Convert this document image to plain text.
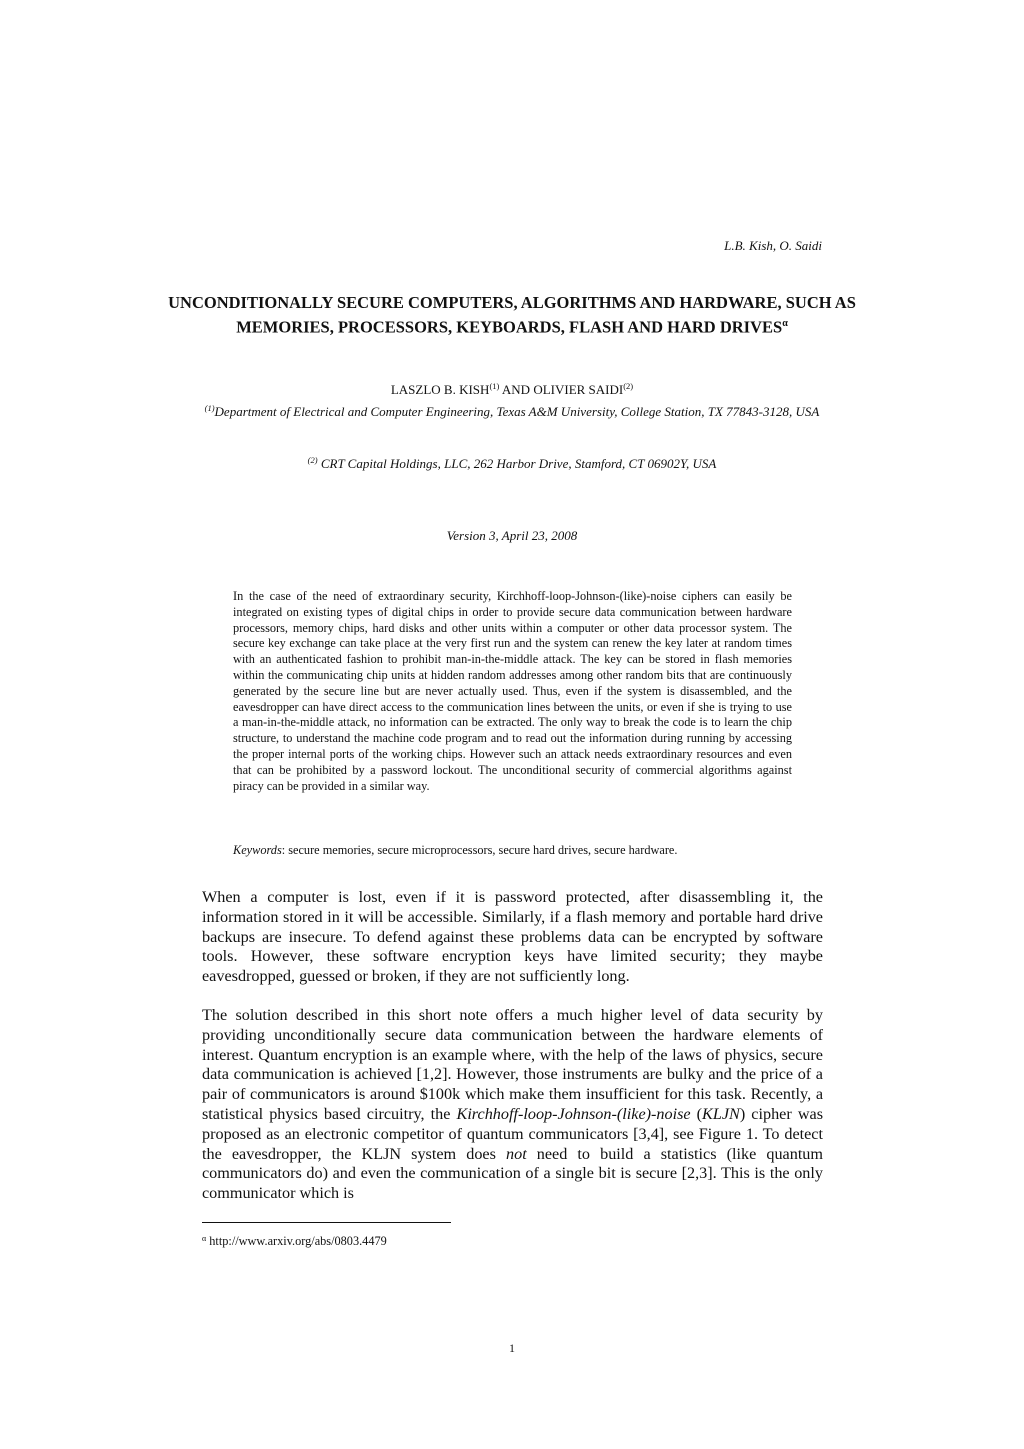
L.B. Kish, O. Saidi
UNCONDITIONALLY SECURE COMPUTERS, ALGORITHMS AND HARDWARE, SUCH AS MEMORIES, PROCESSORS, KEYBOARDS, FLASH AND HARD $DRIVES^\alpha$
LASZLO B. KISH$^{(1)}$ AND OLIVIER SAIDI$^{(2)}$
$^{(1)}$Department of Electrical and Computer Engineering, Texas A&M University, College Station, TX 77843-3128, USA
$^{(2)}$ CRT Capital Holdings, LLC, 262 Harbor Drive, Stamford, CT 06902Y, USA
Version 3, April 23, 2008
In the case of the need of extraordinary security, Kirchhoff-loop-Johnson-(like)-noise ciphers can easily be integrated on existing types of digital chips in order to provide secure data communication between hardware processors, memory chips, hard disks and other units within a computer or other data processor system. The secure key exchange can take place at the very first run and the system can renew the key later at random times with an authenticated fashion to prohibit man-in-the-middle attack. The key can be stored in flash memories within the communicating chip units at hidden random addresses among other random bits that are continuously generated by the secure line but are never actually used. Thus, even if the system is disassembled, and the eavesdropper can have direct access to the communication lines between the units, or even if she is trying to use a man-in-the-middle attack, no information can be extracted. The only way to break the code is to learn the chip structure, to understand the machine code program and to read out the information during running by accessing the proper internal ports of the working chips. However such an attack needs extraordinary resources and even that can be prohibited by a password lockout. The unconditional security of commercial algorithms against piracy can be provided in a similar way.
Keywords: secure memories, secure microprocessors, secure hard drives, secure hardware.
When a computer is lost, even if it is password protected, after disassembling it, the information stored in it will be accessible. Similarly, if a flash memory and portable hard drive backups are insecure. To defend against these problems data can be encrypted by software tools. However, these software encryption keys have limited security; they maybe eavesdropped, guessed or broken, if they are not sufficiently long.
The solution described in this short note offers a much higher level of data security by providing unconditionally secure data communication between the hardware elements of interest. Quantum encryption is an example where, with the help of the laws of physics, secure data communication is achieved [1,2]. However, those instruments are bulky and the price of a pair of communicators is around $100k which make them insufficient for this task. Recently, a statistical physics based circuitry, the Kirchhoff-loop-Johnson-(like)-noise (KLJN) cipher was proposed as an electronic competitor of quantum communicators [3,4], see Figure 1. To detect the eavesdropper, the KLJN system does not need to build a statistics (like quantum communicators do) and even the communication of a single bit is secure [2,3]. This is the only communicator which is
$^\alpha$ http://www.arxiv.org/abs/0803.4479
1
